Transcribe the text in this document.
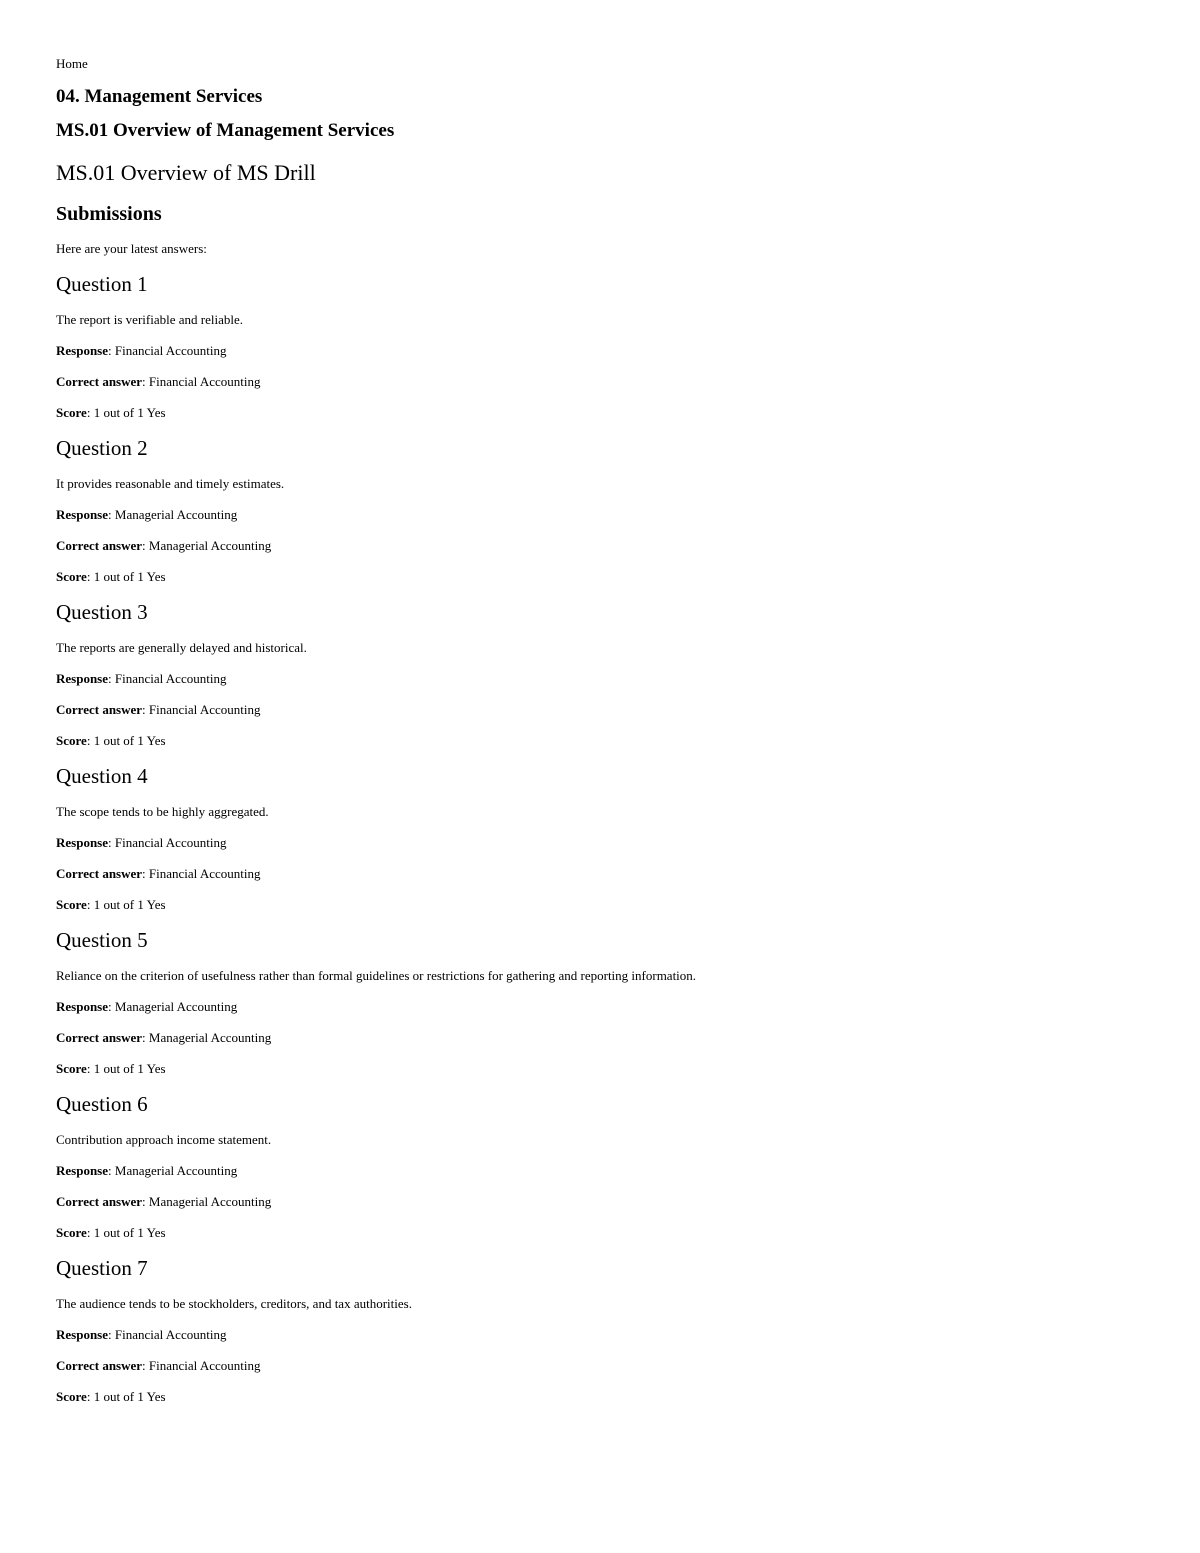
Home
04. Management Services
MS.01 Overview of Management Services
MS.01 Overview of MS Drill
Submissions
Here are your latest answers:
Question 1
The report is verifiable and reliable.
Response: Financial Accounting
Correct answer: Financial Accounting
Score: 1 out of 1 Yes
Question 2
It provides reasonable and timely estimates.
Response: Managerial Accounting
Correct answer: Managerial Accounting
Score: 1 out of 1 Yes
Question 3
The reports are generally delayed and historical.
Response: Financial Accounting
Correct answer: Financial Accounting
Score: 1 out of 1 Yes
Question 4
The scope tends to be highly aggregated.
Response: Financial Accounting
Correct answer: Financial Accounting
Score: 1 out of 1 Yes
Question 5
Reliance on the criterion of usefulness rather than formal guidelines or restrictions for gathering and reporting information.
Response: Managerial Accounting
Correct answer: Managerial Accounting
Score: 1 out of 1 Yes
Question 6
Contribution approach income statement.
Response: Managerial Accounting
Correct answer: Managerial Accounting
Score: 1 out of 1 Yes
Question 7
The audience tends to be stockholders, creditors, and tax authorities.
Response: Financial Accounting
Correct answer: Financial Accounting
Score: 1 out of 1 Yes
